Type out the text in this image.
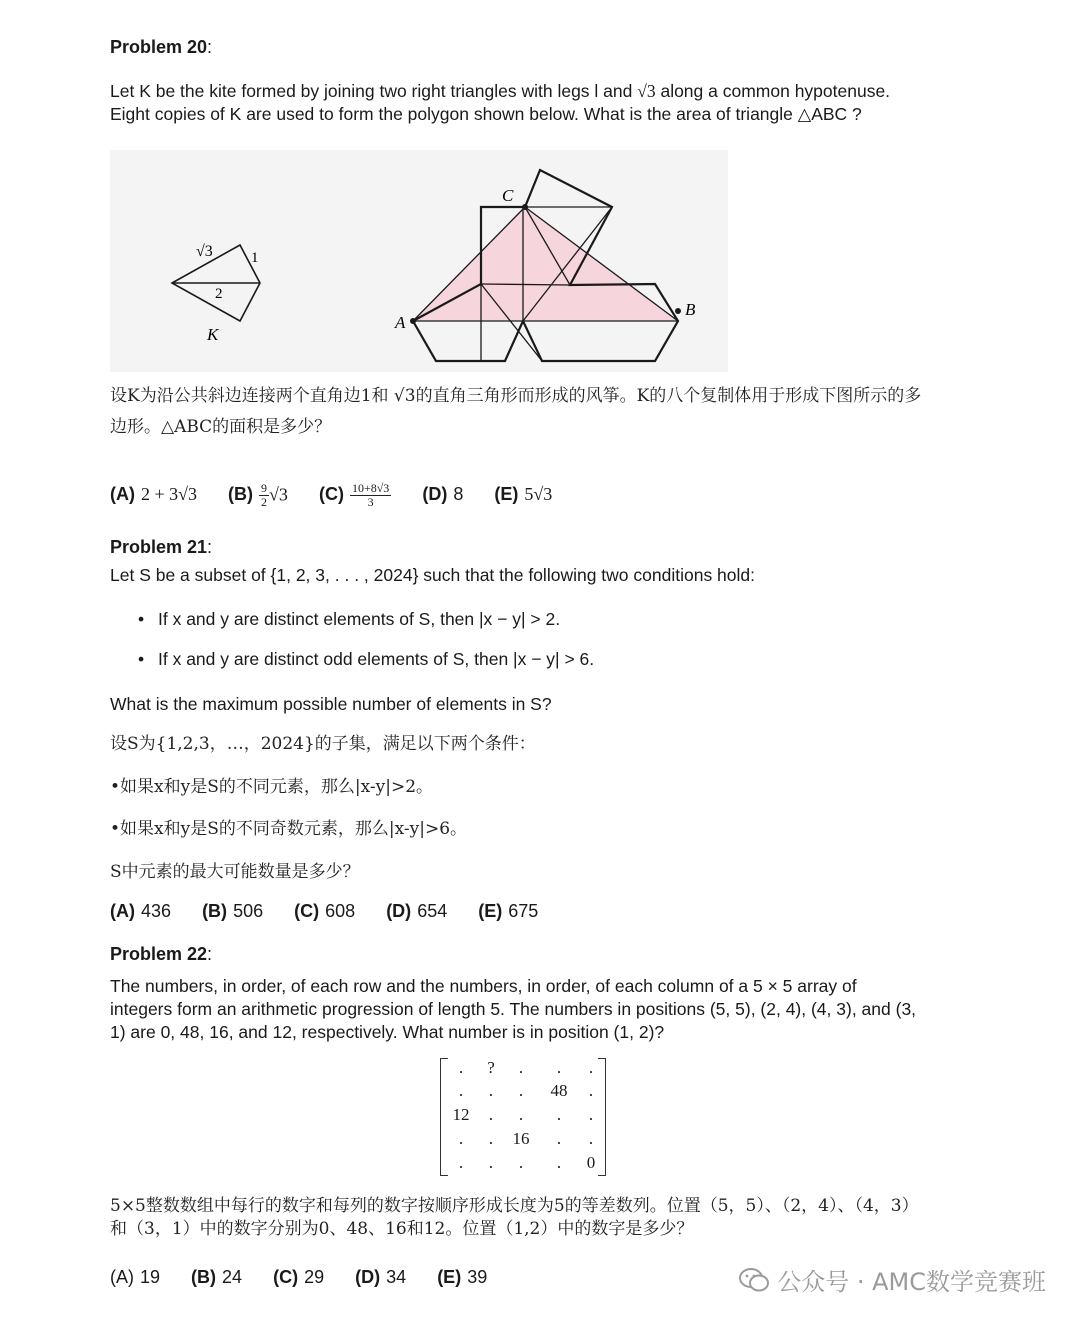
Problem 20:
Let K be the kite formed by joining two right triangles with legs l and √3 along a common hypotenuse. Eight copies of K are used to form the polygon shown below. What is the area of triangle △ABC ?
√3	1
2
K
A
B
C
设K为沿公共斜边连接两个直角边1和 √3的直角三角形而形成的风筝。K的八个复制体用于形成下图所示的多边形。△ABC的面积是多少？
(A) 2 + 3√3 $(B) \frac{9}{2} √3$ $(C) \frac{10+8√3}{3} (D)$ 8 (E) 5√3
Problem 21:
Let S be a subset of {1, 2, 3, . . . , 2024} such that the following two conditions hold:
• If x and y are distinct elements of S, then |x − y| > 2.
• If x and y are distinct odd elements of S, then |x − y| > 6.
What is the maximum possible number of elements in S?
设S为{1,2,3，…，2024}的子集，满足以下两个条件：
•如果x和y是S的不同元素，那么|x-y|>2。
•如果x和y是S的不同奇数元素，那么|x-y|>6。
S中元素的最大可能数量是多少？
(A) 436 (B) 506 (C) 608 (D) 654 (E) 675
Problem 22:
The numbers, in order, of each row and the numbers, in order, of each column of a 5 × 5 array of integers form an arithmetic progression of length 5. The numbers in positions (5, 5), (2, 4), (4, 3), and (3, 1) are 0, 48, 16, and 12, respectively. What number is in position (1, 2)?
.	?	.	.	.
.	.	.	48	.
12	.	.	.	.
.	.	16	.	.
.	.	.	.	0
5×5整数数组中每行的数字和每列的数字按顺序形成长度为5的等差数列。位置（5，5）、（2，4）、（4，3）和（3，1）中的数字分别为0、48、16和12。位置（1,2）中的数字是多少？
(A) 19 (B) 24 (C) 29 (D) 34 (E) 39	公众号 · AMC数学竞赛班
